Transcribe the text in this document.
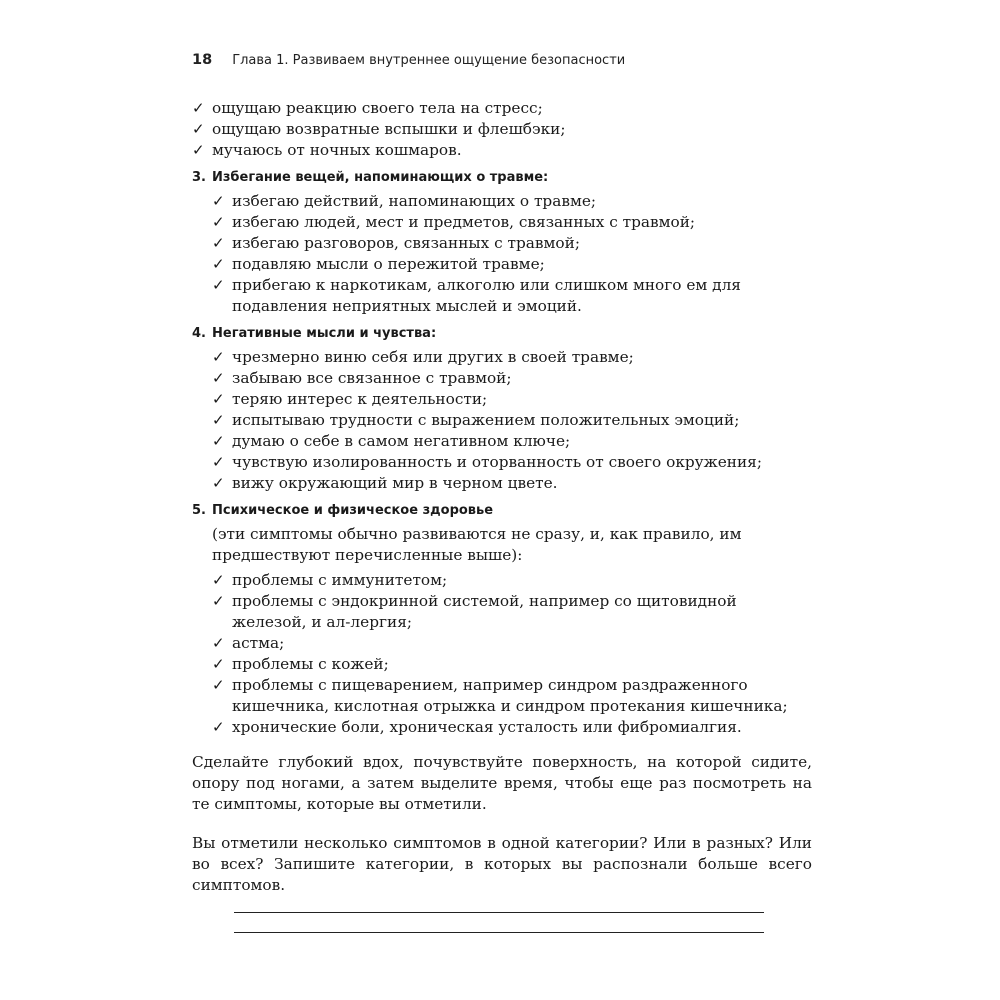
18 Глава 1. Развиваем внутреннее ощущение безопасности
✓ ощущаю реакцию своего тела на стресс;
✓ ощущаю возвратные вспышки и флешбэки;
✓ мучаюсь от ночных кошмаров.
3. Избегание вещей, напоминающих о травме:
✓ избегаю действий, напоминающих о травме;
✓ избегаю людей, мест и предметов, связанных с травмой;
✓ избегаю разговоров, связанных с травмой;
✓ подавляю мысли о пережитой травме;
✓ прибегаю к наркотикам, алкоголю или слишком много ем для подавления неприятных мыслей и эмоций.
4. Негативные мысли и чувства:
✓ чрезмерно виню себя или других в своей травме;
✓ забываю все связанное с травмой;
✓ теряю интерес к деятельности;
✓ испытываю трудности с выражением положительных эмоций;
✓ думаю о себе в самом негативном ключе;
✓ чувствую изолированность и оторванность от своего окружения;
✓ вижу окружающий мир в черном цвете.
5. Психическое и физическое здоровье

(эти симптомы обычно развиваются не сразу, и, как правило, им предшествуют перечисленные выше):

✓ проблемы с иммунитетом;
✓ проблемы с эндокринной системой, например со щитовидной железой, и ал-лергия;
✓ астма;
✓ проблемы с кожей;
✓ проблемы с пищеварением, например синдром раздраженного кишечника, кислотная отрыжка и синдром протекания кишечника;
✓ хронические боли, хроническая усталость или фибромиалгия.

Сделайте глубокий вдох, почувствуйте поверхность, на которой сидите, опору под ногами, а затем выделите время, чтобы еще раз посмотреть на те симптомы, которые вы отметили.

Вы отметили несколько симптомов в одной категории? Или в разных? Или во всех? Запишите категории, в которых вы распознали больше всего симптомов.
